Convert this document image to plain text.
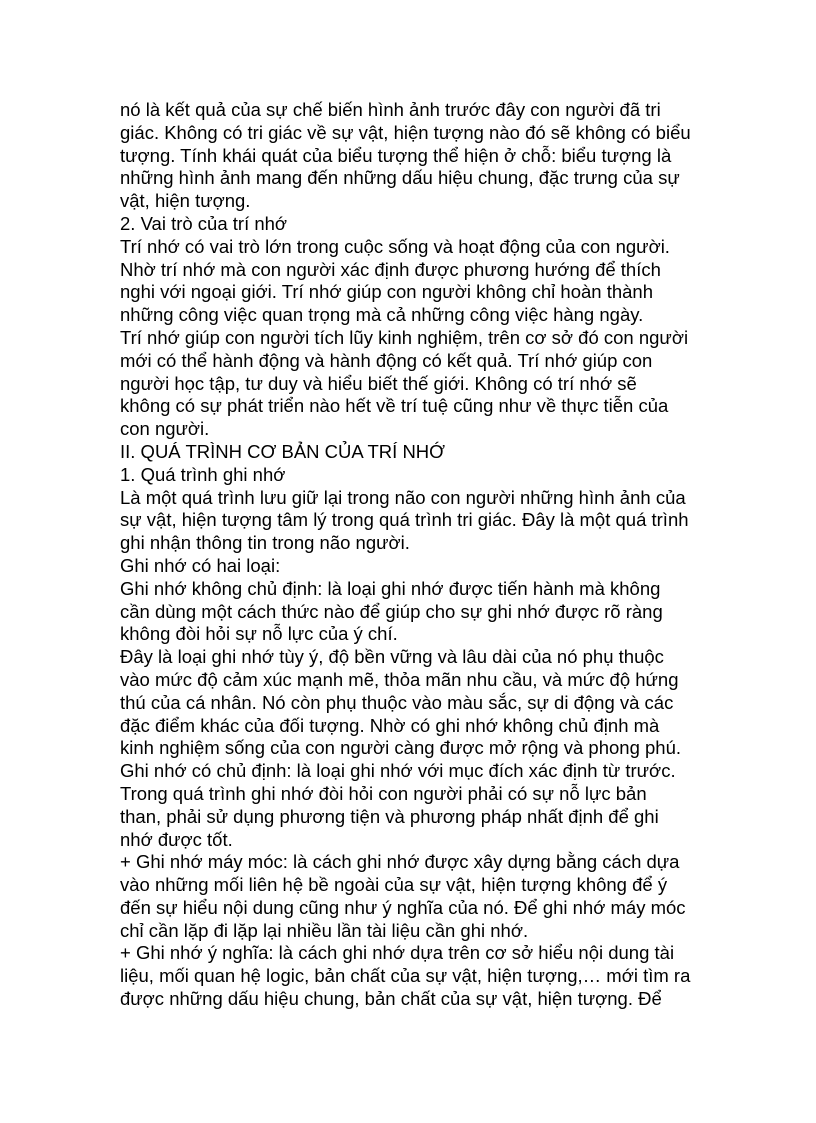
nó là kết quả của sự chế biến hình ảnh trước đây con người đã tri
giác. Không có tri giác về sự vật, hiện tượng nào đó sẽ không có biểu
tượng. Tính khái quát của biểu tượng thể hiện ở chỗ: biểu tượng là
những hình ảnh mang đến những dấu hiệu chung, đặc trưng của sự
vật, hiện tượng.
2. Vai trò của trí nhớ
Trí nhớ có vai trò lớn trong cuộc sống và hoạt động của con người.
Nhờ trí nhớ mà con người xác định được phương hướng để thích
nghi với ngoại giới. Trí nhớ giúp con người không chỉ hoàn thành
những công việc quan trọng mà cả những công việc hàng ngày.
Trí nhớ giúp con người tích lũy kinh nghiệm, trên cơ sở đó con người
mới có thể hành động và hành động có kết quả. Trí nhớ giúp con
người học tập, tư duy và hiểu biết thế giới. Không có trí nhớ sẽ
không có sự phát triển nào hết về trí tuệ cũng như về thực tiễn của
con người.
II. QUÁ TRÌNH CƠ BẢN CỦA TRÍ NHỚ
1. Quá trình ghi nhớ
Là một quá trình lưu giữ lại trong não con người những hình ảnh của
sự vật, hiện tượng tâm lý trong quá trình tri giác. Đây là một quá trình
ghi nhận thông tin trong não người.
Ghi nhớ có hai loại:
Ghi nhớ không chủ định: là loại ghi nhớ được tiến hành mà không
cần dùng một cách thức nào để giúp cho sự ghi nhớ được rõ ràng
không đòi hỏi sự nỗ lực của ý chí.
Đây là loại ghi nhớ tùy ý, độ bền vững và lâu dài của nó phụ thuộc
vào mức độ cảm xúc mạnh mẽ, thỏa mãn nhu cầu, và mức độ hứng
thú của cá nhân. Nó còn phụ thuộc vào màu sắc, sự di động và các
đặc điểm khác của đối tượng. Nhờ có ghi nhớ không chủ định mà
kinh nghiệm sống của con người càng được mở rộng và phong phú.
Ghi nhớ có chủ định: là loại ghi nhớ với mục đích xác định từ trước.
Trong quá trình ghi nhớ đòi hỏi con người phải có sự nỗ lực bản
than, phải sử dụng phương tiện và phương pháp nhất định để ghi
nhớ được tốt.
+ Ghi nhớ máy móc: là cách ghi nhớ được xây dựng bằng cách dựa
vào những mối liên hệ bề ngoài của sự vật, hiện tượng không để ý
đến sự hiểu nội dung cũng như ý nghĩa của nó. Để ghi nhớ máy móc
chỉ cần lặp đi lặp lại nhiều lần tài liệu cần ghi nhớ.
+ Ghi nhớ ý nghĩa: là cách ghi nhớ dựa trên cơ sở hiểu nội dung tài
liệu, mối quan hệ logic, bản chất của sự vật, hiện tượng,… mới tìm ra
được những dấu hiệu chung, bản chất của sự vật, hiện tượng. Để
